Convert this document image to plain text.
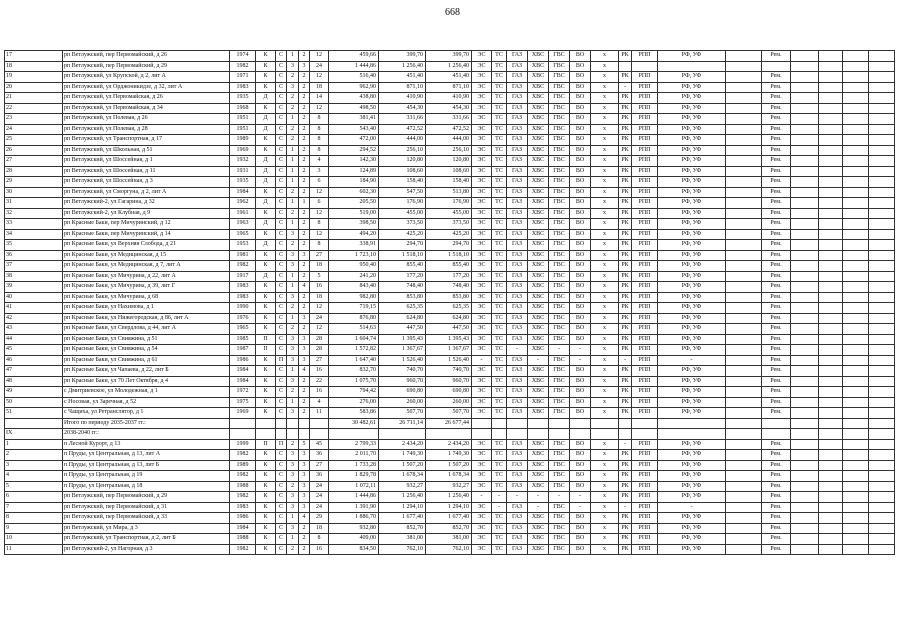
668
17	рп Ветлужский, пер Первомайский, д 26	1974	К	С	1	2	12	459,66	399,70	399,70	ЭС	ТС	ГАЗ	ХВС	ГВС	ВО	х	РК	РПП	РФ, УФ		Рем.				
18	рп Ветлужский, пер Первомайский, д 29	1982	К	С	3	3	24	1 444,86	1 256,40	1 256,40	ЭС	ТС	ГАЗ	ХВС	ГВС	ВО	х									
19	рп Ветлужский, ул Крупской, д 2, лит А	1971	К	С	2	2	12	516,40	451,40	451,40	ЭС	ТС	ГАЗ	ХВС	ГВС	ВО	х	РК	РПП	РФ, УФ		Рем.				
20	рп Ветлужский, ул Орджоникидзе, д 32, лит А	1983	К	С	3	2	18	962,90	871,10	871,10	ЭС	ТС	ГАЗ	ХВС	ГВС	ВО	х	-	РПП	РФ, УФ		Рем.				
21	рп Ветлужский, ул Первомайская, д 26	1935	Д	С	2	2	14	438,80	410,90	410,90	ЭС	ТС	ГАЗ	ХВС	ГВС	ВО	х	РК	РПП	РФ, УФ		Рем.				
22	рп Ветлужский, ул Первомайская, д 34	1968	К	С	2	2	12	498,50	454,30	454,30	ЭС	ТС	ГАЗ	ХВС	ГВС	ВО	х	РК	РПП	РФ, УФ		Рем.				
23	рп Ветлужский, ул Полевая, д 26	1951	Д	С	1	2	8	381,41	331,66	331,66	ЭС	ТС	ГАЗ	ХВС	ГВС	ВО	х	РК	РПП	РФ, УФ		Рем.				
24	рп Ветлужский, ул Полевая, д 28	1951	Д	С	2	2	8	543,40	472,52	472,52	ЭС	ТС	ГАЗ	ХВС	ГВС	ВО	х	РК	РПП	РФ, УФ		Рем.				
25	рп Ветлужский, ул Транспортная, д 17	1989	К	С	2	2	8	472,00	444,00	444,00	ЭС	ТС	ГАЗ	ХВС	ГВС	ВО	х	РК	РПП	РФ, УФ		Рем.				
26	рп Ветлужский, ул Школьная, д 51	1969	К	С	1	2	8	294,52	256,10	256,10	ЭС	ТС	ГАЗ	ХВС	ГВС	ВО	х	РК	РПП	РФ, УФ		Рем.				
27	рп Ветлужский, ул Шоссейная, д 1	1932	Д	С	1	2	4	142,30	120,80	120,80	ЭС	ТС	ГАЗ	ХВС	ГВС	ВО	х	РК	РПП	РФ, УФ		Рем.				
28	рп Ветлужский, ул Шоссейная, д 11	1931	Д	С	1	2	3	124,89	108,60	108,60	ЭС	ТС	ГАЗ	ХВС	ГВС	ВО	х	РК	РПП	РФ, УФ		Рем.				
29	рп Ветлужский, ул Шоссейная, д 3	1935	Д	С	1	2	6	184,90	158,40	158,40	ЭС	ТС	ГАЗ	ХВС	ГВС	ВО	х	РК	РПП	РФ, УФ		Рем.				
30	рп Ветлужский, ул Сморгуна, д 2, лит А	1984	К	С	2	2	12	602,30	547,50	513,80	ЭС	ТС	ГАЗ	ХВС	ГВС	ВО	х	РК	РПП	РФ, УФ		Рем.				
31	рп Ветлужский-2, ул Гагарина, д 32	1962	Д	С	1	1	6	205,50	176,90	176,90	ЭС	ТС	ГАЗ	ХВС	ГВС	ВО	х	РК	РПП	РФ, УФ		Рем.				
32	рп Ветлужский-2, ул Клубная, д 9	1961	К	С	2	2	12	519,00	455,00	455,00	ЭС	ТС	ГАЗ	ХВС	ГВС	ВО	х	РК	РПП	РФ, УФ		Рем.				
33	рп Красные Баки, пер Мичуринский, д 12	1963	Д	С	1	2	8	398,50	373,50	373,50	ЭС	ТС	ГАЗ	ХВС	ГВС	ВО	х	РК	РПП	РФ, УФ		Рем.				
34	рп Красные Баки, пер Мичуринский, д 14	1965	К	С	3	2	12	494,20	425,20	425,20	ЭС	ТС	ГАЗ	ХВС	ГВС	ВО	х	РК	РПП	РФ, УФ		Рем.				
35	рп Красные Баки, ул Верхняя Слобода, д 21	1953	Д	С	2	2	8	338,91	294,70	294,70	ЭС	ТС	ГАЗ	ХВС	ГВС	ВО	х	РК	РПП	РФ, УФ		Рем.				
36	рп Красные Баки, ул Медицинская, д 15	1981	К	С	3	3	27	1 723,10	1 518,10	1 518,10	ЭС	ТС	ГАЗ	ХВС	ГВС	ВО	х	РК	РПП	РФ, УФ		Рем.				
37	рп Красные Баки, ул Медицинская, д 7, лит А	1982	К	С	3	2	18	950,40	855,40	855,40	ЭС	ТС	ГАЗ	ХВС	ГВС	ВО	х	РК	РПП	РФ, УФ		Рем.				
38	рп Красные Баки, ул Мичурина, д 22, лит А	1917	Д	С	1	2	5	241,20	177,20	177,20	ЭС	ТС	ГАЗ	ХВС	ГВС	ВО	х	РК	РПП	РФ, УФ		Рем.				
39	рп Красные Баки, ул Мичурина, д 39, лит Г	1983	К	С	1	4	16	843,40	748,40	748,40	ЭС	ТС	ГАЗ	ХВС	ГВС	ВО	х	РК	РПП	РФ, УФ		Рем.				
40	рп Красные Баки, ул Мичурина, д 68	1983	К	С	3	2	18	982,80	853,80	853,80	ЭС	ТС	ГАЗ	ХВС	ГВС	ВО	х	РК	РПП	РФ, УФ		Рем.				
41	рп Красные Баки, ул Нахимова, д 1	1990	К	С	2	2	12	719,15	625,35	625,35	ЭС	ТС	ГАЗ	ХВС	ГВС	ВО	х	РК	РПП	РФ, УФ		Рем.				
42	рп Красные Баки, ул Нижегородская, д 86, лит А	1976	К	С	1	3	24	876,80	624,80	624,80	ЭС	ТС	ГАЗ	ХВС	ГВС	ВО	х	РК	РПП	РФ, УФ		Рем.				
43	рп Красные Баки, ул Свердлова, д 44, лит А	1965	К	С	2	2	12	514,63	447,50	447,50	ЭС	ТС	ГАЗ	ХВС	ГВС	ВО	х	РК	РПП	РФ, УФ		Рем.				
44	рп Красные Баки, ул Свияжина, д 51	1985	П	С	3	3	28	1 604,74	1 395,43	1 395,43	ЭС	ТС	ГАЗ	ХВС	ГВС	ВО	х	РК	РПП	РФ, УФ		Рем.				
45	рп Красные Баки, ул Свияжина, д 54	1987	П	С	3	3	28	1 572,82	1 367,67	1 367,67	ЭС	ТС	-	ХВС	-	-	х	РК	РПП	РФ, УФ		Рем.				
46	рп Красные Баки, ул Свияжина, д 61	1986	К	П	3	3	27	1 647,40	1 526,40	1 526,40	-	ТС	ГАЗ	-	ГВС	-	х	-	РПП	-		Рем.				
47	рп Красные Баки, ул Чапаева, д 22, лит Б	1984	К	С	1	4	16	832,70	740,70	740,70	ЭС	ТС	ГАЗ	ХВС	ГВС	ВО	х	РК	РПП	РФ, УФ		Рем.				
48	рп Красные Баки, ул 70 Лет Октября, д 4	1984	К	С	3	2	22	1 075,70	960,70	960,70	ЭС	ТС	ГАЗ	ХВС	ГВС	ВО	х	РК	РПП	РФ, УФ		Рем.				
49	с Дмитриевское, ул Молодежная, д 1	1972	К	С	2	2	16	794,42	690,80	690,80	ЭС	ТС	ГАЗ	ХВС	ГВС	ВО	х	РК	РПП	РФ, УФ		Рем.				
50	с Носовая, ул Заречная, д 52	1975	К	С	1	2	4	276,00	260,00	260,00	ЭС	ТС	ГАЗ	ХВС	ГВС	ВО	х	РК	РПП	РФ, УФ		Рем.				
51	с Чащиха, ул Ретранслятор, д 1	1969	К	С	3	2	11	583,86	507,70	507,70	ЭС	ТС	ГАЗ	ХВС	ГВС	ВО	х	РК	РПП	РФ, УФ		Рем.				
	Итого по периоду 2035-2037 гг.:							30 482,61	26 711,14	26 677,44																
IX	2038-2040 гг.:																									
1	п Лесной Курорт, д 13	1999	П	П	2	5	45	2 799,33	2 434,20	2 434,20	ЭС	ТС	ГАЗ	ХВС	ГВС	ВО	х	-	РПП	РФ, УФ		Рем.				
2	п Пруды, ул Центральная, д 13, лит А	1982	К	С	3	3	36	2 011,70	1 749,30	1 749,30	ЭС	ТС	ГАЗ	ХВС	ГВС	ВО	х	РК	РПП	РФ, УФ		Рем.				
3	п Пруды, ул Центральная, д 13, лит Б	1989	К	С	3	3	27	1 733,28	1 507,20	1 507,20	ЭС	ТС	ГАЗ	ХВС	ГВС	ВО	х	РК	РПП	РФ, УФ		Рем.				
4	п Пруды, ул Центральная, д 19	1982	К	С	3	3	36	1 829,78	1 678,34	1 678,34	ЭС	ТС	ГАЗ	ХВС	ГВС	ВО	х	РК	РПП	РФ, УФ		Рем.				
5	п Пруды, ул Центральная, д 18	1988	К	С	2	3	24	1 072,11	932,27	932,27	ЭС	ТС	ГАЗ	ХВС	ГВС	ВО	х	РК	РПП	РФ, УФ		Рем.				
6	рп Ветлужский, пер Первомайский, д 29	1982	К	С	3	3	24	1 444,86	1 256,40	1 256,40	-	-	-	-	-	-	х	РК	РПП	РФ, УФ		Рем.				
7	рп Ветлужский, пер Первомайский, д 31	1983	К	С	3	3	24	1 391,90	1 294,10	1 294,10	ЭС	-	ГАЗ	-	ГВС	-	х	-	РПП	-		Рем.				
8	рп Ветлужский, пер Первомайский, д 33	1986	К	С	1	4	29	1 886,70	1 677,40	1 677,40	ЭС	ТС	ГАЗ	ХВС	ГВС	ВО	х	РК	РПП	РФ, УФ		Рем.				
9	рп Ветлужский, ул Мира, д 3	1984	К	С	3	2	18	932,80	852,70	852,70	ЭС	ТС	ГАЗ	ХВС	ГВС	ВО	х	РК	РПП	РФ, УФ		Рем.				
10	рп Ветлужский, ул Транспортная, д 2, лит Б	1988	К	С	1	2	8	409,00	381,00	381,00	ЭС	ТС	ГАЗ	ХВС	ГВС	ВО	х	РК	РПП	РФ, УФ		Рем.				
11	рп Ветлужский-2, ул Нагорная, д 3	1982	К	С	2	2	16	834,50	762,10	762,10	ЭС	ТС	ГАЗ	ХВС	ГВС	ВО	х	РК	РПП	РФ, УФ		Рем.				
